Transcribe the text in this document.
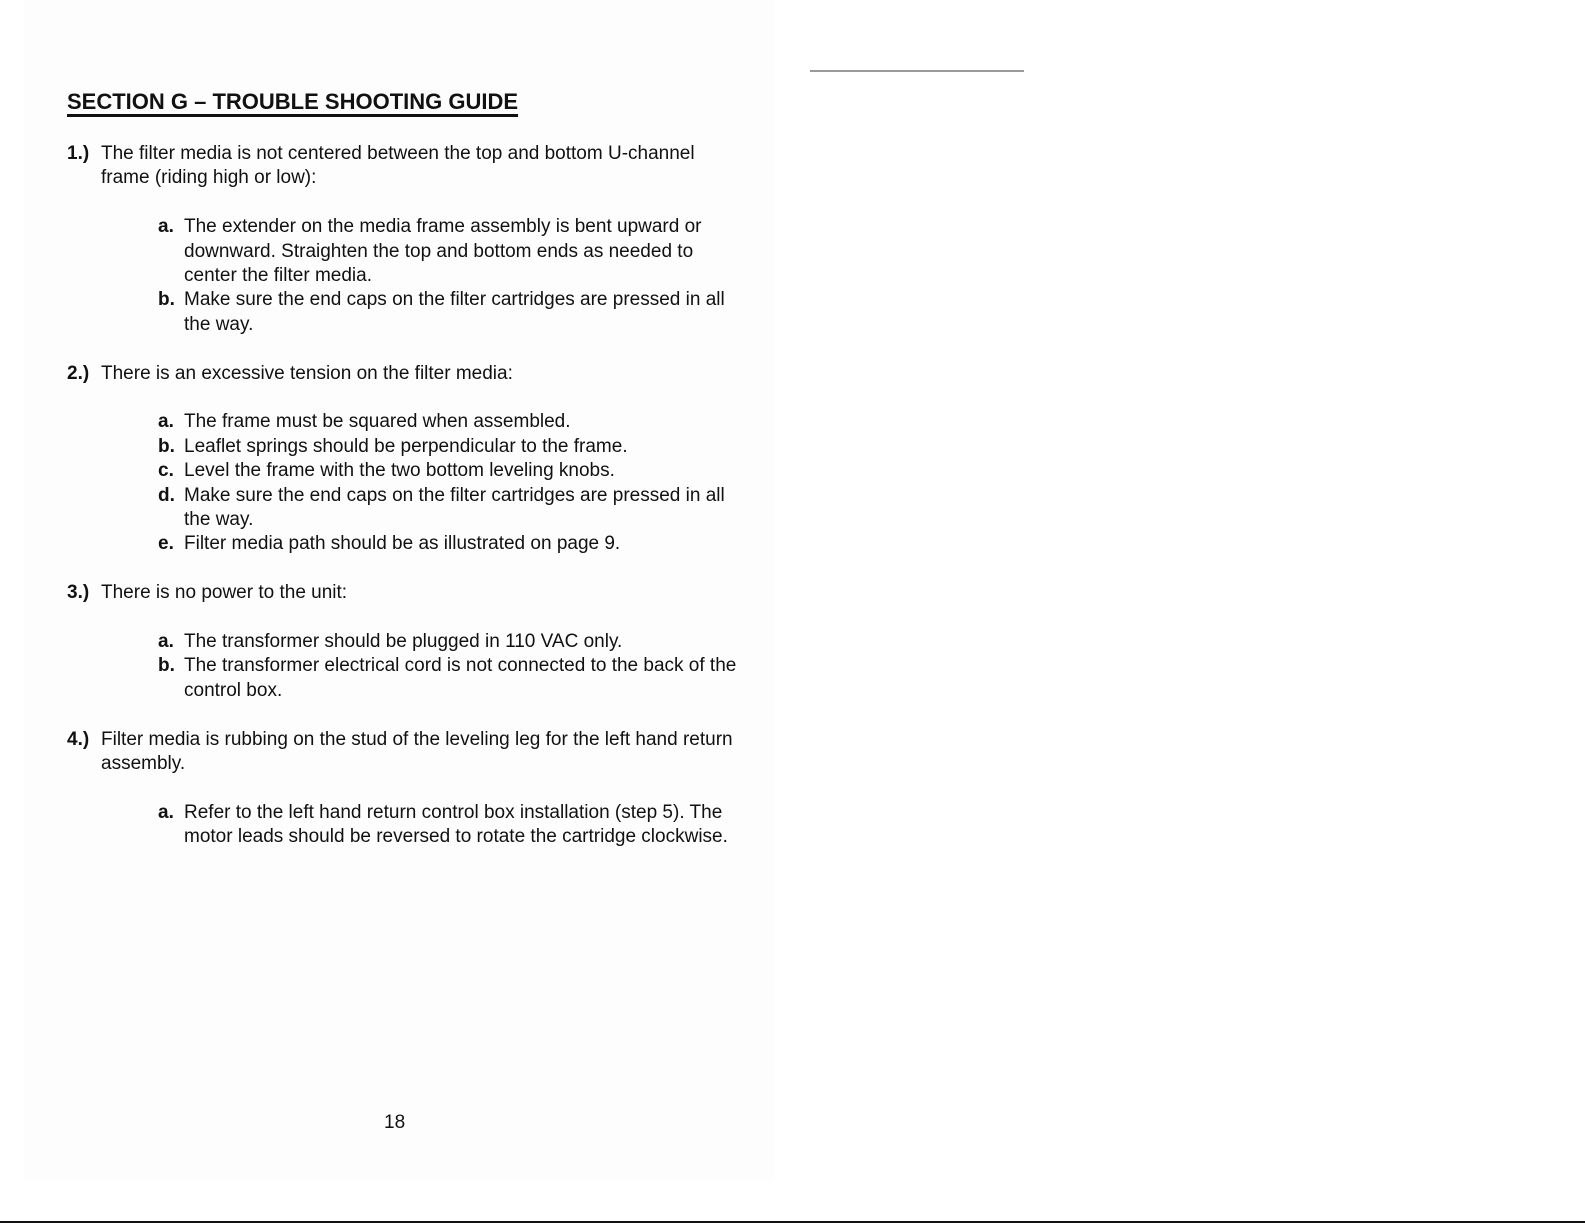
SECTION G – TROUBLE SHOOTING GUIDE
1.) The filter media is not centered between the top and bottom U-channel frame (riding high or low):
a. The extender on the media frame assembly is bent upward or downward. Straighten the top and bottom ends as needed to center the filter media.
b. Make sure the end caps on the filter cartridges are pressed in all the way.
2.) There is an excessive tension on the filter media:
a. The frame must be squared when assembled.
b. Leaflet springs should be perpendicular to the frame.
c. Level the frame with the two bottom leveling knobs.
d. Make sure the end caps on the filter cartridges are pressed in all the way.
e. Filter media path should be as illustrated on page 9.
3.) There is no power to the unit:
a. The transformer should be plugged in 110 VAC only.
b. The transformer electrical cord is not connected to the back of the control box.
4.) Filter media is rubbing on the stud of the leveling leg for the left hand return assembly.
a. Refer to the left hand return control box installation (step 5). The motor leads should be reversed to rotate the cartridge clockwise.
18
